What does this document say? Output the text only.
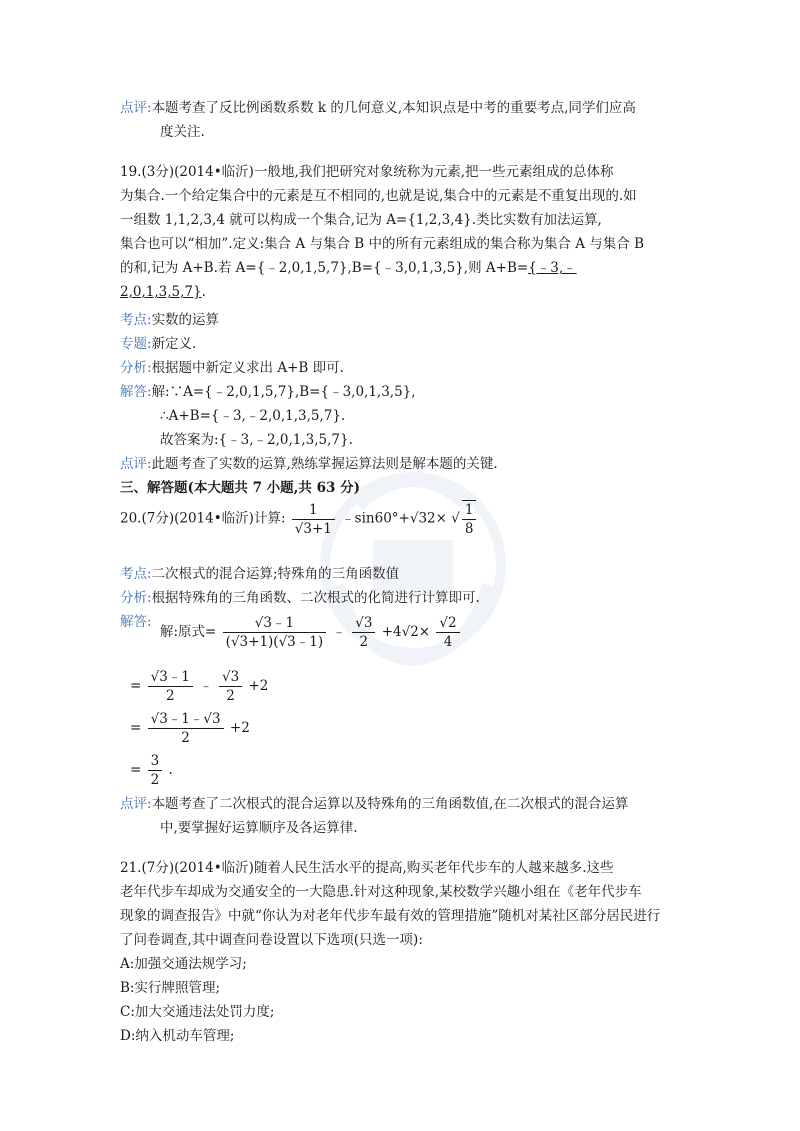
点评:本题考查了反比例函数系数 k 的几何意义,本知识点是中考的重要考点,同学们应高
度关注.
19.(3分)(2014•临沂)一般地,我们把研究对象统称为元素,把一些元素组成的总体称
为集合.一个给定集合中的元素是互不相同的,也就是说,集合中的元素是不重复出现的.如
一组数 1,1,2,3,4 就可以构成一个集合,记为 A={1,2,3,4}.类比实数有加法运算,
集合也可以“相加”.定义:集合 A 与集合 B 中的所有元素组成的集合称为集合 A 与集合 B
的和,记为 A+B.若 A={﹣2,0,1,5,7},B={﹣3,0,1,3,5},则 A+B={﹣3,﹣
2,0,1,3,5,7}.
考点:实数的运算
专题:新定义.
分析:根据题中新定义求出 A+B 即可.
解答:解:∵A={﹣2,0,1,5,7},B={﹣3,0,1,3,5},
∴A+B={﹣3,﹣2,0,1,3,5,7}.
故答案为:{﹣3,﹣2,0,1,3,5,7}.
点评:此题考查了实数的运算,熟练掌握运算法则是解本题的关键.
三、解答题(本大题共 7 小题,共 63 分)
20.(7分)(2014•临沂)计算: $\frac{1}{√3+1}$ ﹣sin60°+√32× √ $\frac{1}{8}$
考点:二次根式的混合运算;特殊角的三角函数值
分析:根据特殊角的三角函数、二次根式的化简进行计算即可.
解答:
解:原式= $\frac{√3﹣1}{(√3+1)(√3﹣1)}$ ﹣ $\frac{√3}{2} +4√2\times \frac{√2}{4}$
= $\frac{√3﹣1}{2}$ ﹣ $\frac{√3}{2} +2$
= $\frac{√3﹣1﹣√3}{2} +2$
= $\frac{3}{2}$ .
点评:本题考查了二次根式的混合运算以及特殊角的三角函数值,在二次根式的混合运算
中,要掌握好运算顺序及各运算律.
21.(7分)(2014•临沂)随着人民生活水平的提高,购买老年代步车的人越来越多.这些
老年代步车却成为交通安全的一大隐患.针对这种现象,某校数学兴趣小组在《老年代步车
现象的调查报告》中就“你认为对老年代步车最有效的管理措施”随机对某社区部分居民进行
了问卷调查,其中调查问卷设置以下选项(只选一项):
A:加强交通法规学习;
B:实行牌照管理;
C:加大交通违法处罚力度;
D:纳入机动车管理;
